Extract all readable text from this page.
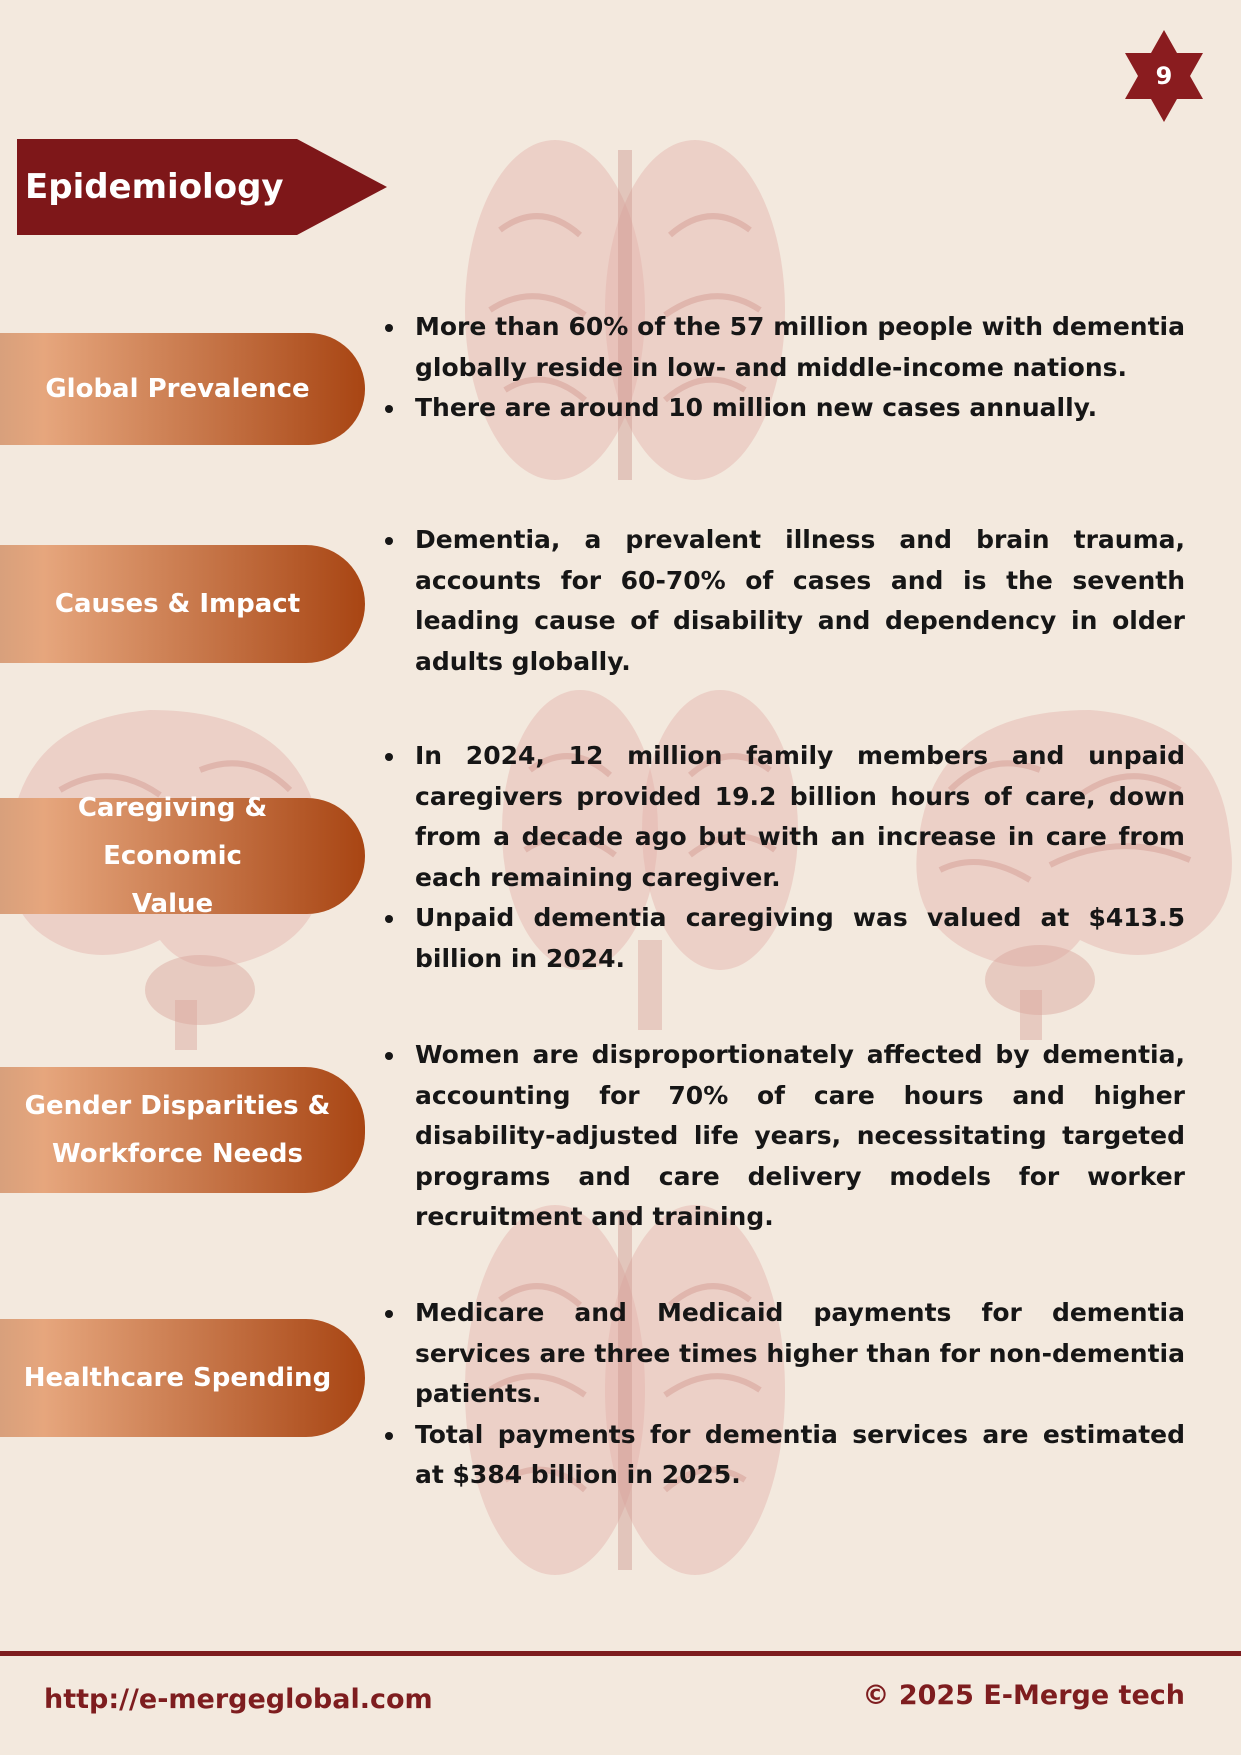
9
Epidemiology
Global Prevalence
Causes & Impact
Caregiving & Economic Value
Gender Disparities & Workforce Needs
Healthcare Spending
More than 60% of the 57 million people with dementia globally reside in low- and middle-income nations.
There are around 10 million new cases annually.
Dementia, a prevalent illness and brain trauma, accounts for 60-70% of cases and is the seventh leading cause of disability and dependency in older adults globally.
In 2024, 12 million family members and unpaid caregivers provided 19.2 billion hours of care, down from a decade ago but with an increase in care from each remaining caregiver.
Unpaid dementia caregiving was valued at $413.5 billion in 2024.
Women are disproportionately affected by dementia, accounting for 70% of care hours and higher disability-adjusted life years, necessitating targeted programs and care delivery models for worker recruitment and training.
Medicare and Medicaid payments for dementia services are three times higher than for non-dementia patients.
Total payments for dementia services are estimated at $384 billion in 2025.
http://e-mergeglobal.com	© 2025 E-Merge tech
